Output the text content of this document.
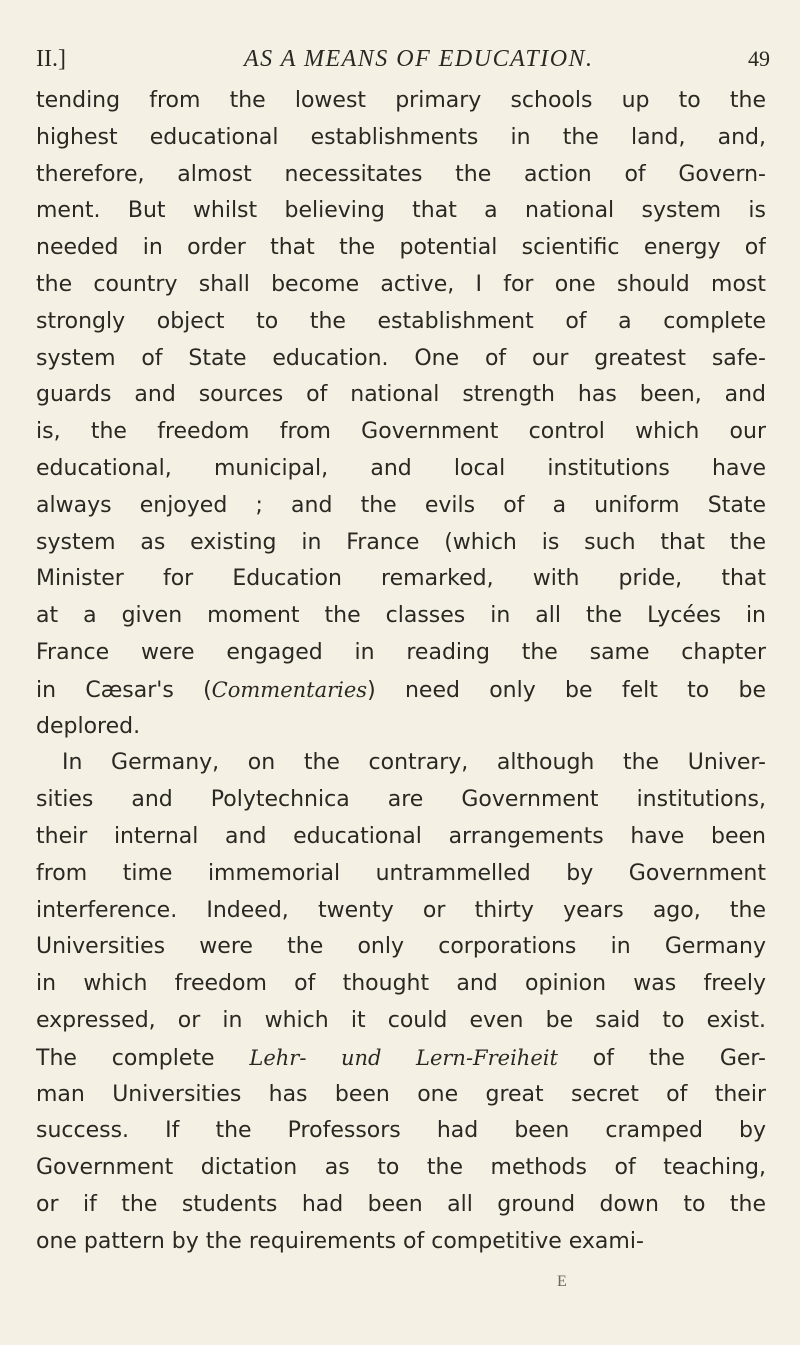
II.]	AS A MEANS OF EDUCATION.	49
tending from the lowest primary schools up to the
highest educational establishments in the land, and,
therefore, almost necessitates the action of Govern-
ment. But whilst believing that a national system is
needed in order that the potential scientific energy of
the country shall become active, I for one should most
strongly object to the establishment of a complete
system of State education. One of our greatest safe-
guards and sources of national strength has been, and
is, the freedom from Government control which our
educational, municipal, and local institutions have
always enjoyed ; and the evils of a uniform State
system as existing in France (which is such that the
Minister for Education remarked, with pride, that
at a given moment the classes in all the Lycées in
France were engaged in reading the same chapter
in Cæsar's (Commentaries) need only be felt to be
deplored.
In Germany, on the contrary, although the Univer-
sities and Polytechnica are Government institutions,
their internal and educational arrangements have been
from time immemorial untrammelled by Government
interference. Indeed, twenty or thirty years ago, the
Universities were the only corporations in Germany
in which freedom of thought and opinion was freely
expressed, or in which it could even be said to exist.
The complete Lehr- und Lern-Freiheit of the Ger-
man Universities has been one great secret of their
success. If the Professors had been cramped by
Government dictation as to the methods of teaching,
or if the students had been all ground down to the
one pattern by the requirements of competitive exami-
E
